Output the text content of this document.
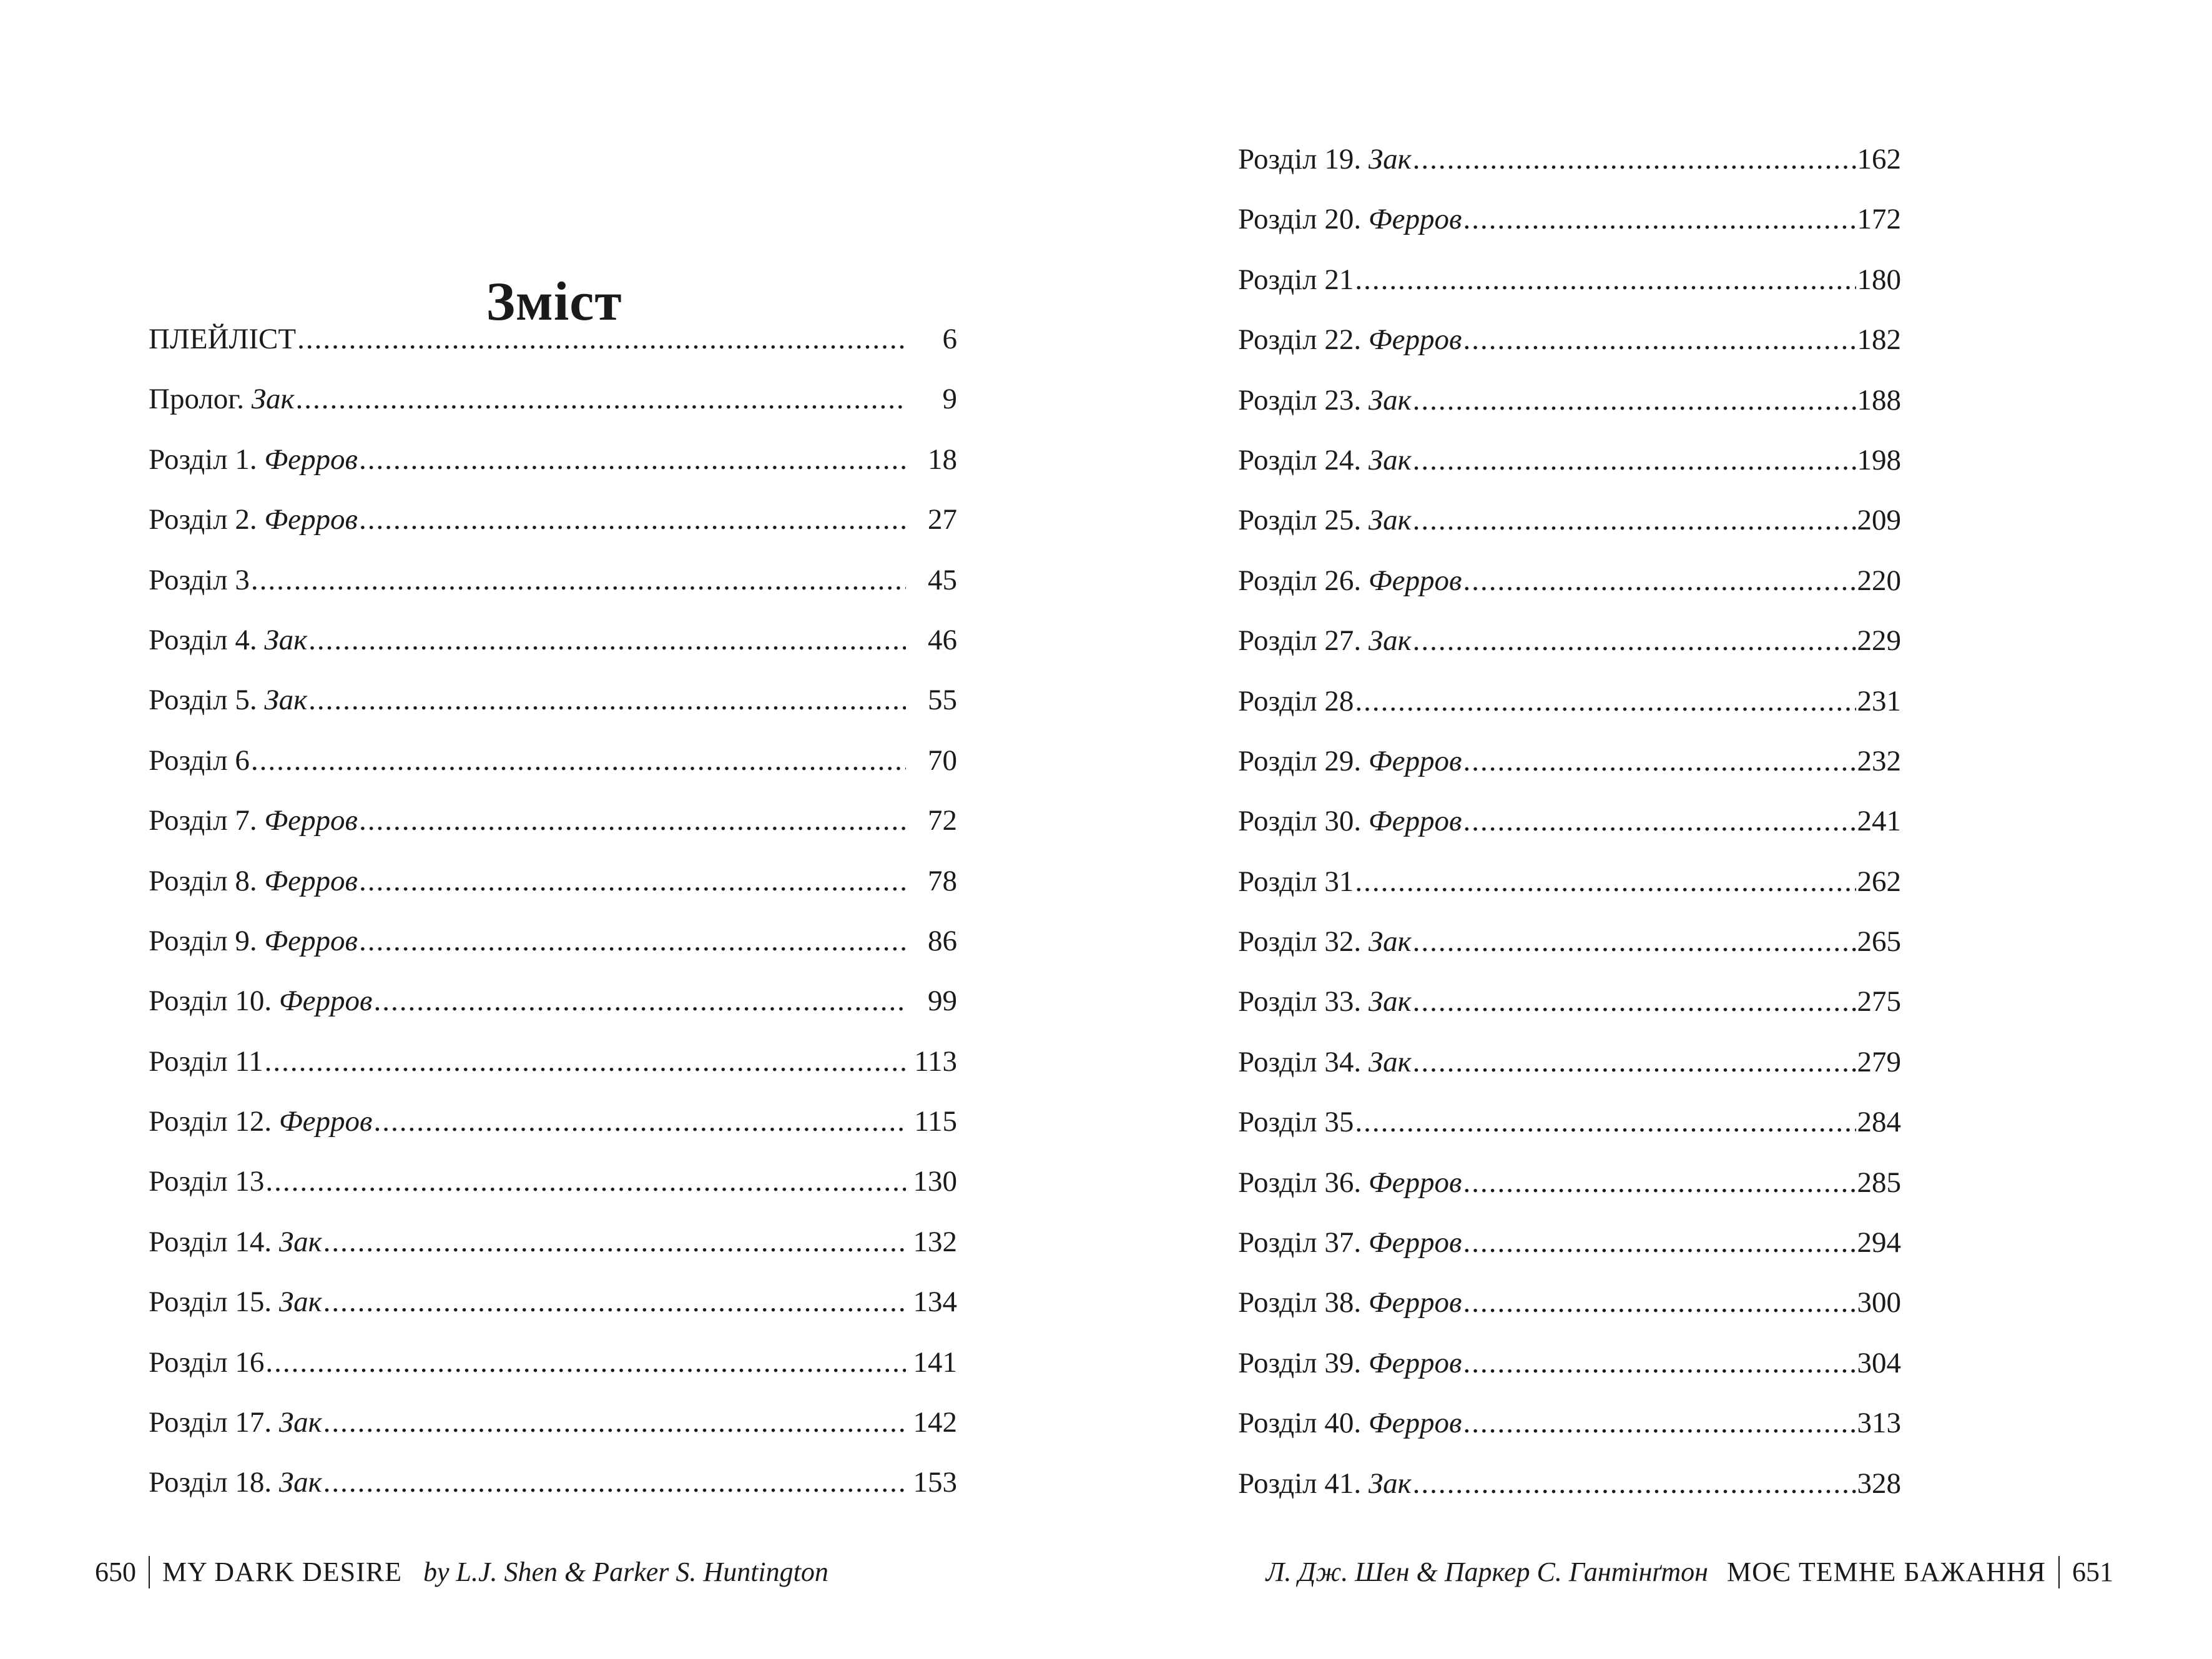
Зміст
ПЛЕЙЛІСТ .....	6
Пролог. Зак .....	9
Розділ 1. Ферров .....	18
Розділ 2. Ферров .....	27
Розділ 3 .....	45
Розділ 4. Зак .....	46
Розділ 5. Зак .....	55
Розділ 6 .....	70
Розділ 7. Ферров .....	72
Розділ 8. Ферров .....	78
Розділ 9. Ферров .....	86
Розділ 10. Ферров .....	99
Розділ 11 .....	113
Розділ 12. Ферров .....	115
Розділ 13 .....	130
Розділ 14. Зак .....	132
Розділ 15. Зак .....	134
Розділ 16 .....	141
Розділ 17. Зак .....	142
Розділ 18. Зак .....	153
650 MY DARK DESIRE by L.J. Shen & Parker S. Huntington
Розділ 19. Зак .....	162
Розділ 20. Ферров .....	172
Розділ 21 .....	180
Розділ 22. Ферров .....	182
Розділ 23. Зак .....	188
Розділ 24. Зак .....	198
Розділ 25. Зак .....	209
Розділ 26. Ферров .....	220
Розділ 27. Зак .....	229
Розділ 28 .....	231
Розділ 29. Ферров .....	232
Розділ 30. Ферров .....	241
Розділ 31 .....	262
Розділ 32. Зак .....	265
Розділ 33. Зак .....	275
Розділ 34. Зак .....	279
Розділ 35 .....	284
Розділ 36. Ферров .....	285
Розділ 37. Ферров .....	294
Розділ 38. Ферров .....	300
Розділ 39. Ферров .....	304
Розділ 40. Ферров .....	313
Розділ 41. Зак .....	328
Л. Дж. Шен & Паркер С. Гантінґтон МОЄ ТЕМНЕ БАЖАННЯ 651
